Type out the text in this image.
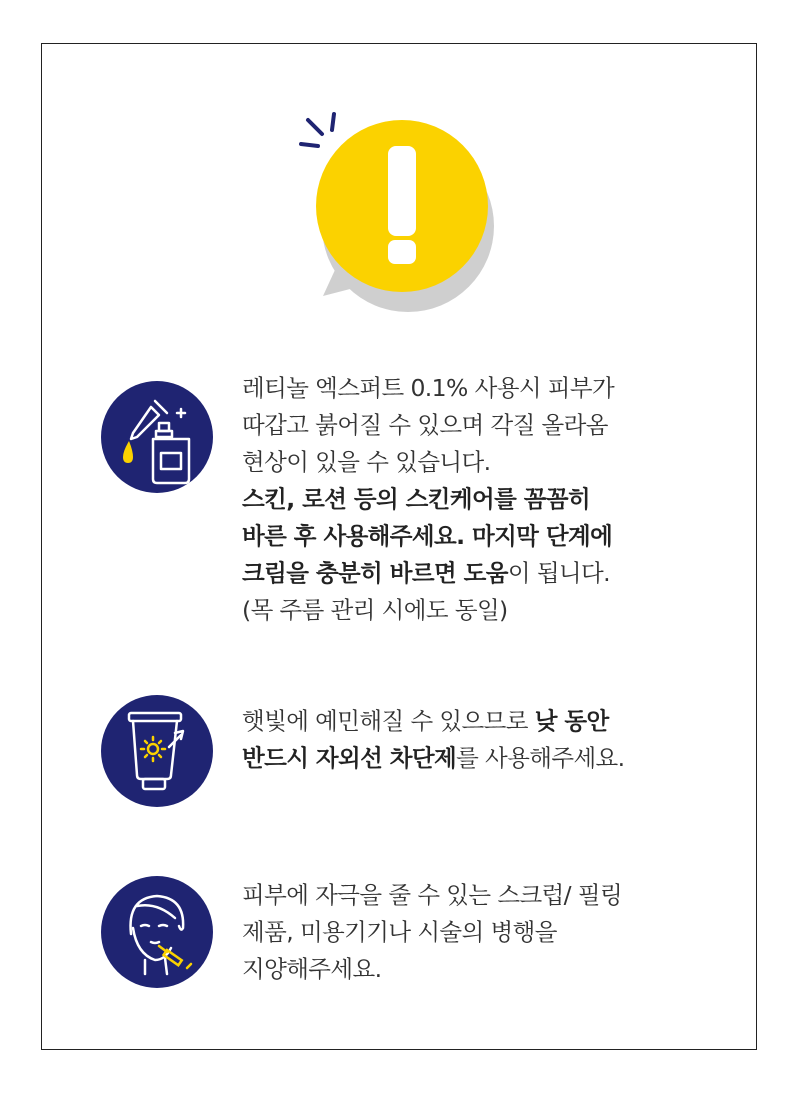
레티놀 엑스퍼트 0.1% 사용시 피부가

따갑고 붉어질 수 있으며 각질 올라옴

현상이 있을 수 있습니다.

스킨, 로션 등의 스킨케어를 꼼꼼히

바른 후 사용해주세요. 마지막 단계에

크림을 충분히 바르면 도움이 됩니다.

(목 주름 관리 시에도 동일)

햇빛에 예민해질 수 있으므로 낮 동안

반드시 자외선 차단제를 사용해주세요.

피부에 자극을 줄 수 있는 스크럽/ 필링

제품, 미용기기나 시술의 병행을

지양해주세요.
